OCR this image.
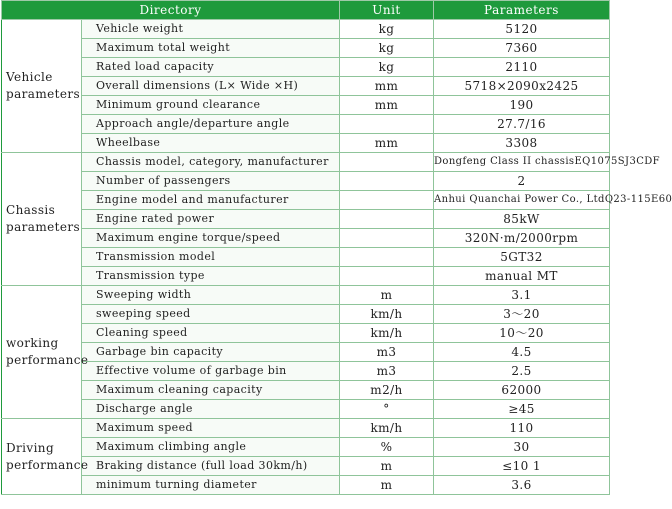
Directory		Unit	Parameters
Vehicle parameters	Vehicle weight	kg	5120
	Maximum total weight	kg	7360
	Rated load capacity	kg	2110
	Overall dimensions (L× Wide ×H)	mm	5718×2090x2425
	Minimum ground clearance	mm	190
	Approach angle/departure angle		27.7/16
	Wheelbase	mm	3308
Chassis parameters	Chassis model, category, manufacturer		Dongfeng Class II chassisEQ1075SJ3CDF
	Number of passengers		2
	Engine model and manufacturer		Anhui Quanchai Power Co., LtdQ23-115E60
	Engine rated power		85kW
	Maximum engine torque/speed		320N·m/2000rpm
	Transmission model		5GT32
	Transmission type		manual MT
working performance	Sweeping width	m	3.1
	sweeping speed	km/h	3～20
	Cleaning speed	km/h	10～20
	Garbage bin capacity	m3	4.5
	Effective volume of garbage bin	m3	2.5
	Maximum cleaning capacity	m2/h	62000
	Discharge angle	°	≥45
Driving performance	Maximum speed	km/h	110
	Maximum climbing angle	%	30
	Braking distance (full load 30km/h)	m	≤10 1
	minimum turning diameter	m	3.6
